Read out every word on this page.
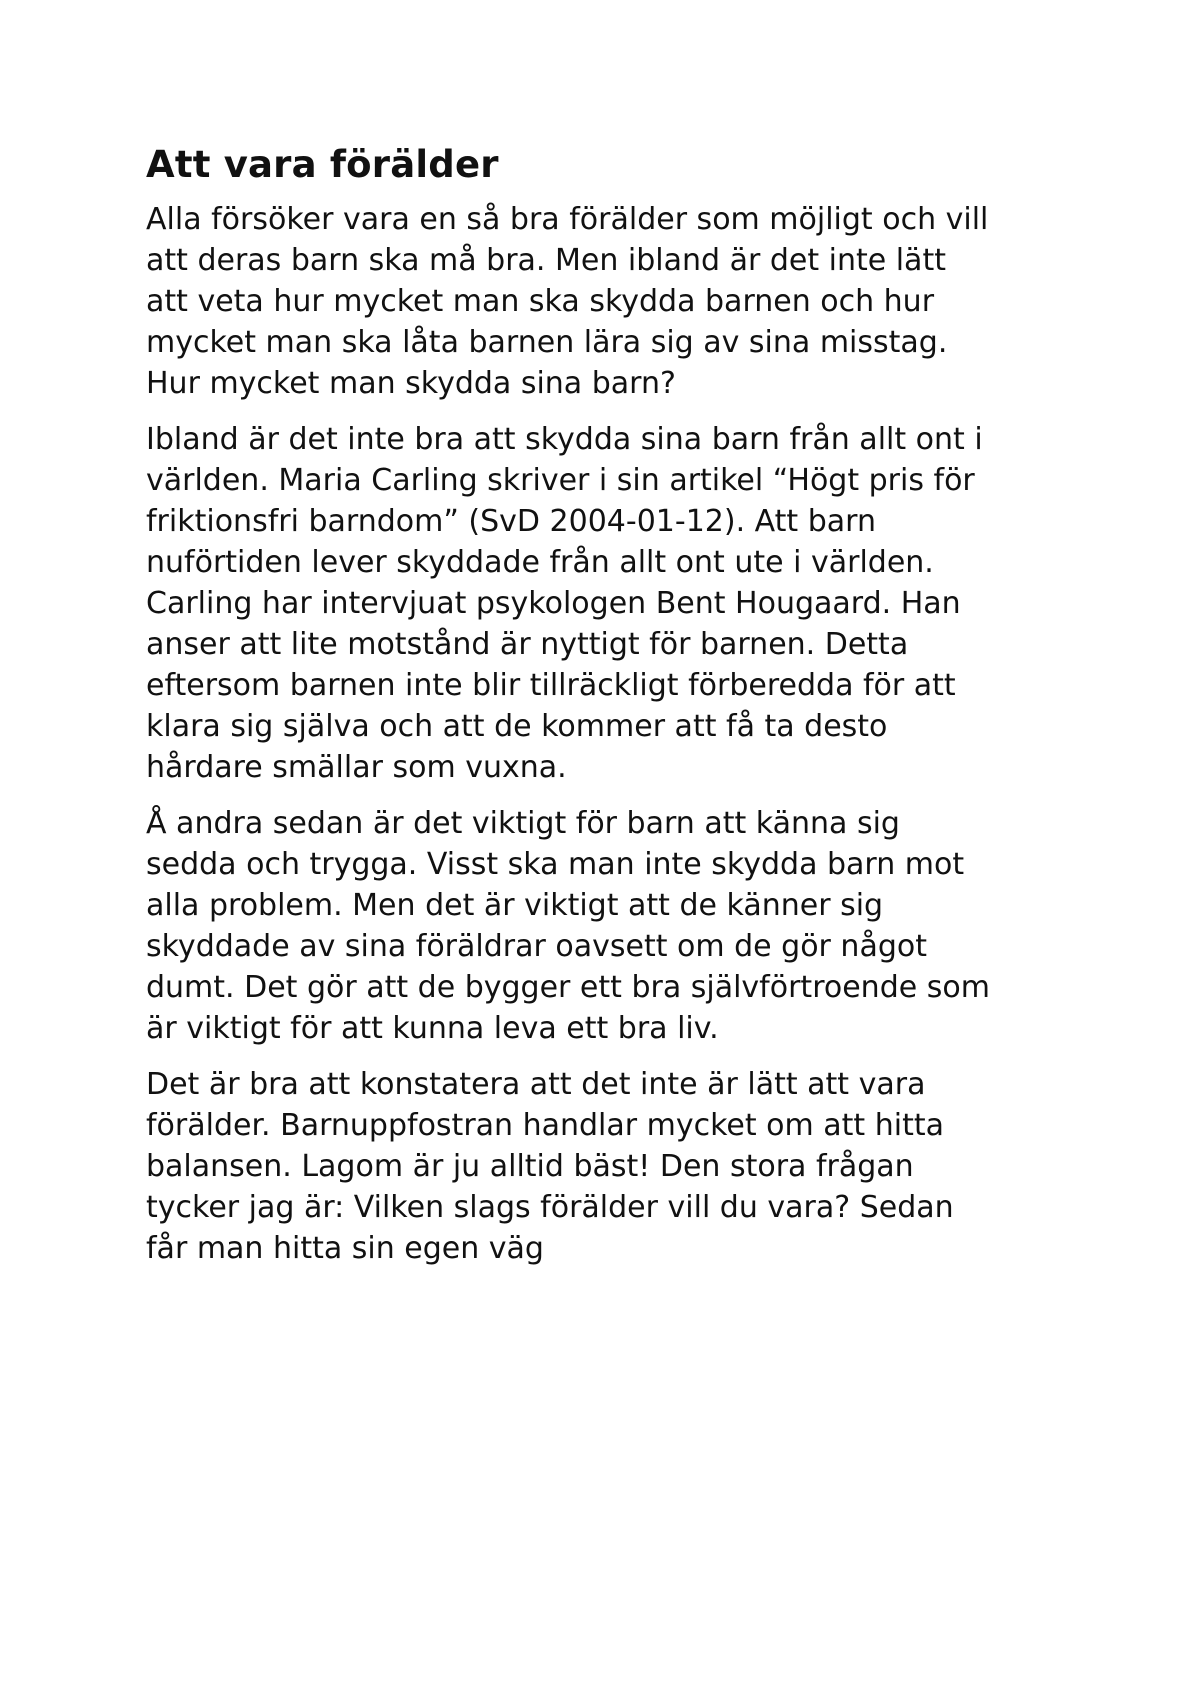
Att vara förälder

Alla försöker vara en så bra förälder som möjligt och vill
att deras barn ska må bra. Men ibland är det inte lätt
att veta hur mycket man ska skydda barnen och hur
mycket man ska låta barnen lära sig av sina misstag.
Hur mycket man skydda sina barn?

Ibland är det inte bra att skydda sina barn från allt ont i
världen. Maria Carling skriver i sin artikel “Högt pris för
friktionsfri barndom” (SvD 2004-01-12). Att barn
nuförtiden lever skyddade från allt ont ute i världen.
Carling har intervjuat psykologen Bent Hougaard. Han
anser att lite motstånd är nyttigt för barnen. Detta
eftersom barnen inte blir tillräckligt förberedda för att
klara sig själva och att de kommer att få ta desto
hårdare smällar som vuxna.

Å andra sedan är det viktigt för barn att känna sig
sedda och trygga. Visst ska man inte skydda barn mot
alla problem. Men det är viktigt att de känner sig
skyddade av sina föräldrar oavsett om de gör något
dumt. Det gör att de bygger ett bra självförtroende som
är viktigt för att kunna leva ett bra liv.

Det är bra att konstatera att det inte är lätt att vara
förälder. Barnuppfostran handlar mycket om att hitta
balansen. Lagom är ju alltid bäst! Den stora frågan
tycker jag är: Vilken slags förälder vill du vara? Sedan
får man hitta sin egen väg
